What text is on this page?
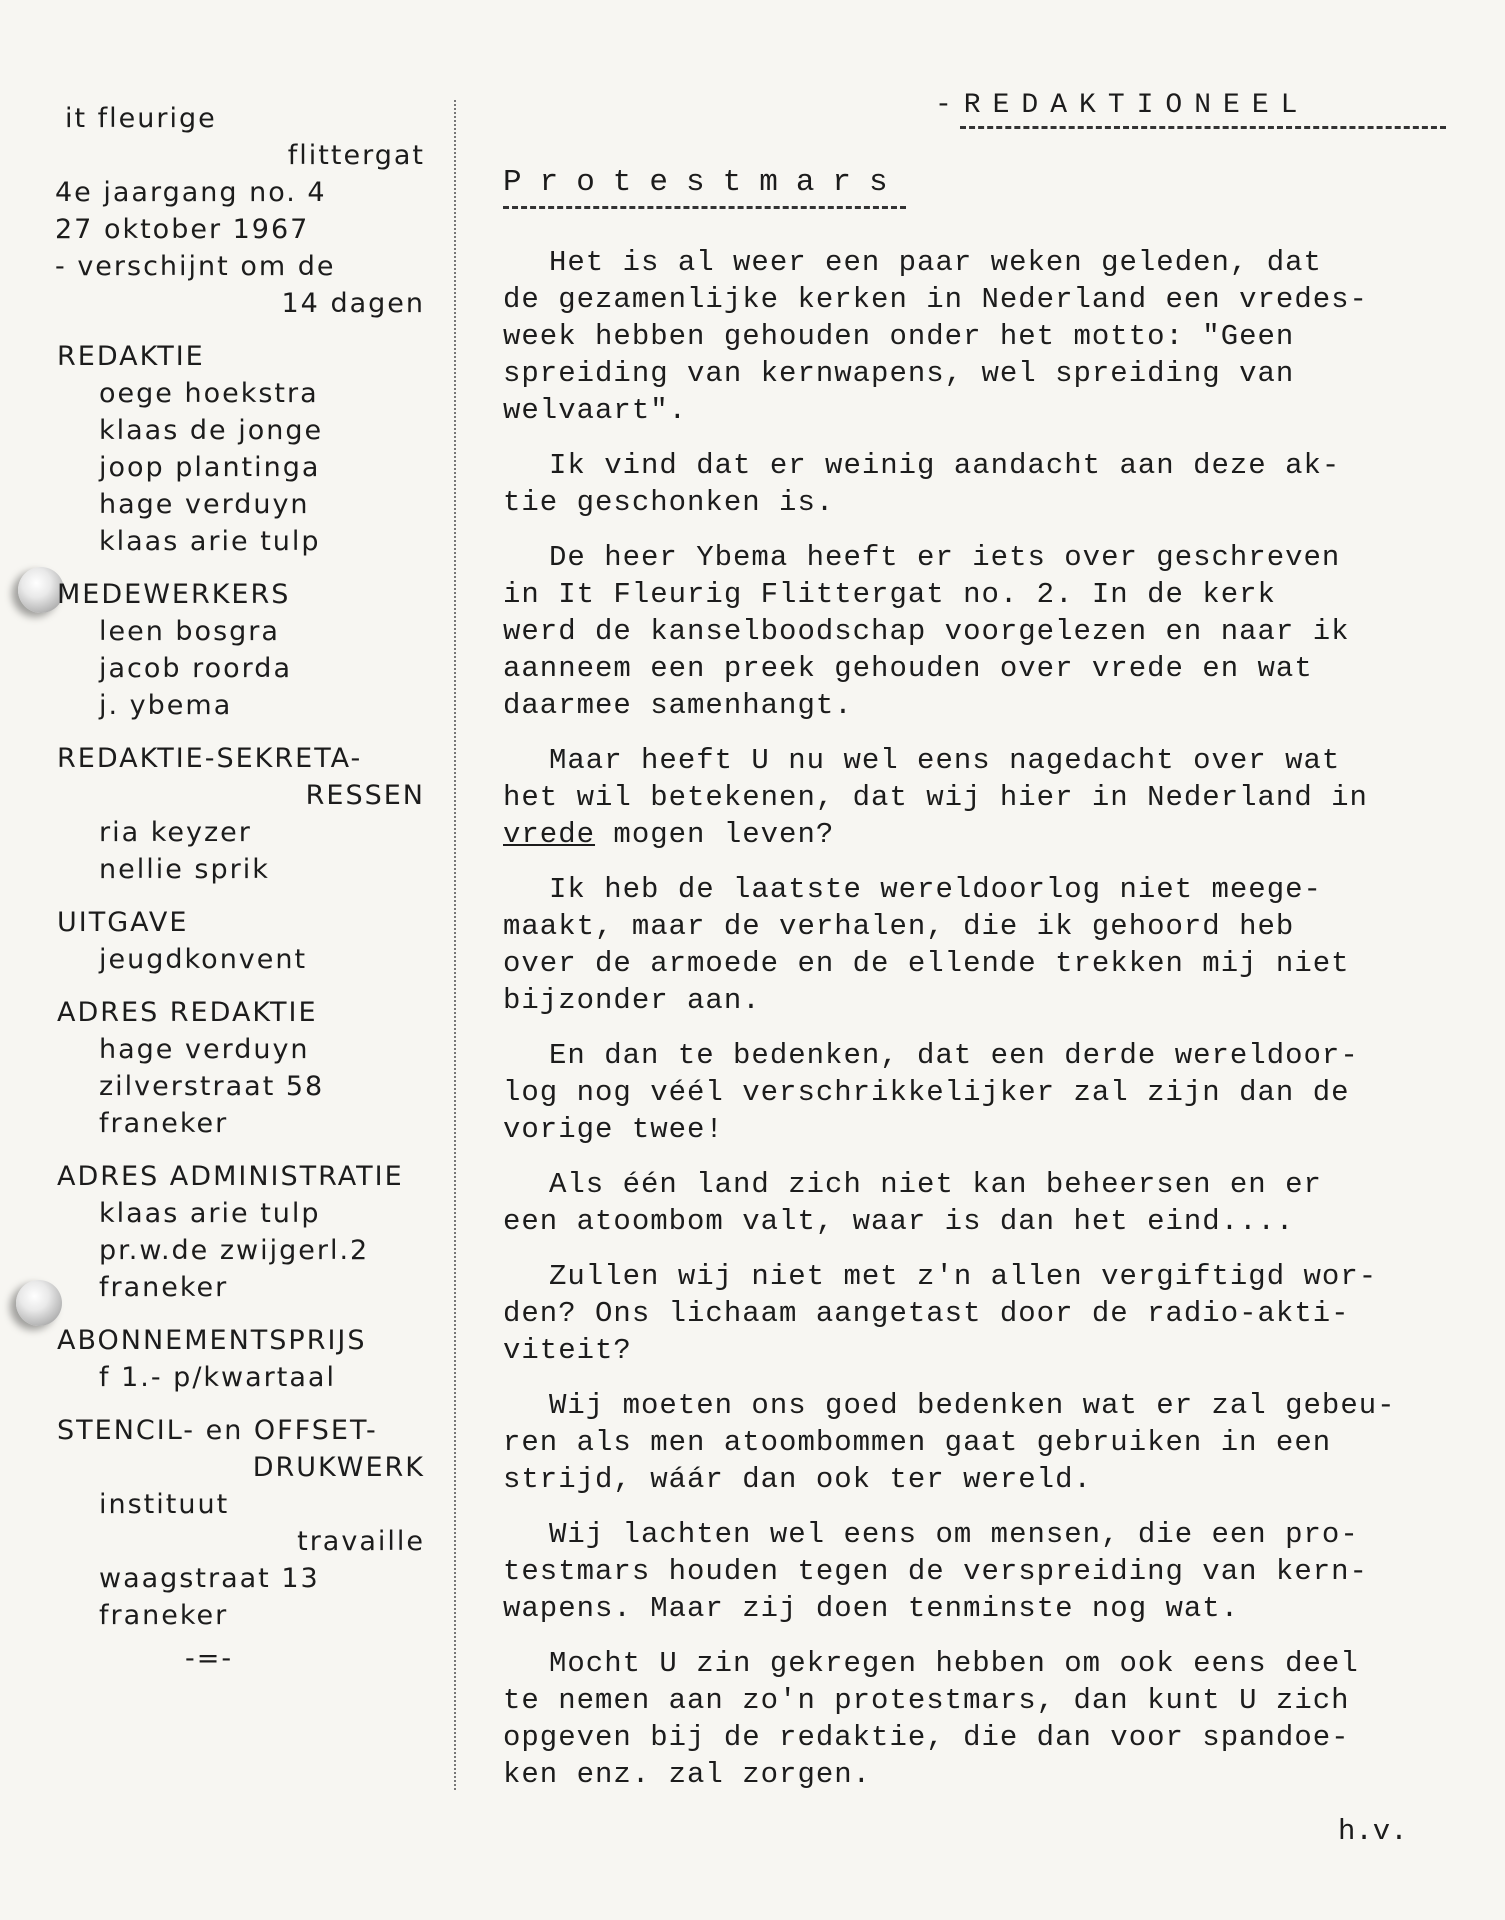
it fleurige
flittergat
4e jaargang no. 4
27 oktober 1967
- verschijnt om de
14 dagen
REDAKTIE
oege hoekstra
klaas de jonge
joop plantinga
hage verduyn
klaas arie tulp
MEDEWERKERS
leen bosgra
jacob roorda
j. ybema
REDAKTIE-SEKRETA-
RESSEN
ria keyzer
nellie sprik
UITGAVE
jeugdkonvent
ADRES REDAKTIE
hage verduyn
zilverstraat 58
franeker
ADRES ADMINISTRATIE
klaas arie tulp
pr.w.de zwijgerl.2
franeker
ABONNEMENTSPRIJS
f 1.- p/kwartaal
STENCIL- en OFFSET-
DRUKWERK
instituut
travaille
waagstraat 13
franeker
-=-
-REDAKTIONEEL
Protestmars

Het is al weer een paar weken geleden, dat
de gezamenlijke kerken in Nederland een vredes-
week hebben gehouden onder het motto: "Geen
spreiding van kernwapens, wel spreiding van
welvaart".

Ik vind dat er weinig aandacht aan deze ak-
tie geschonken is.

De heer Ybema heeft er iets over geschreven
in It Fleurig Flittergat no. 2. In de kerk
werd de kanselboodschap voorgelezen en naar ik
aanneem een preek gehouden over vrede en wat
daarmee samenhangt.

Maar heeft U nu wel eens nagedacht over wat
het wil betekenen, dat wij hier in Nederland in
vrede mogen leven?

Ik heb de laatste wereldoorlog niet meege-
maakt, maar de verhalen, die ik gehoord heb
over de armoede en de ellende trekken mij niet
bijzonder aan.

En dan te bedenken, dat een derde wereldoor-
log nog véél verschrikkelijker zal zijn dan de
vorige twee!

Als één land zich niet kan beheersen en er
een atoombom valt, waar is dan het eind....

Zullen wij niet met z'n allen vergiftigd wor-
den? Ons lichaam aangetast door de radio-akti-
viteit?

Wij moeten ons goed bedenken wat er zal gebeu-
ren als men atoombommen gaat gebruiken in een
strijd, wáár dan ook ter wereld.

Wij lachten wel eens om mensen, die een pro-
testmars houden tegen de verspreiding van kern-
wapens. Maar zij doen tenminste nog wat.

Mocht U zin gekregen hebben om ook eens deel
te nemen aan zo'n protestmars, dan kunt U zich
opgeven bij de redaktie, die dan voor spandoe-
ken enz. zal zorgen.

h.v.
